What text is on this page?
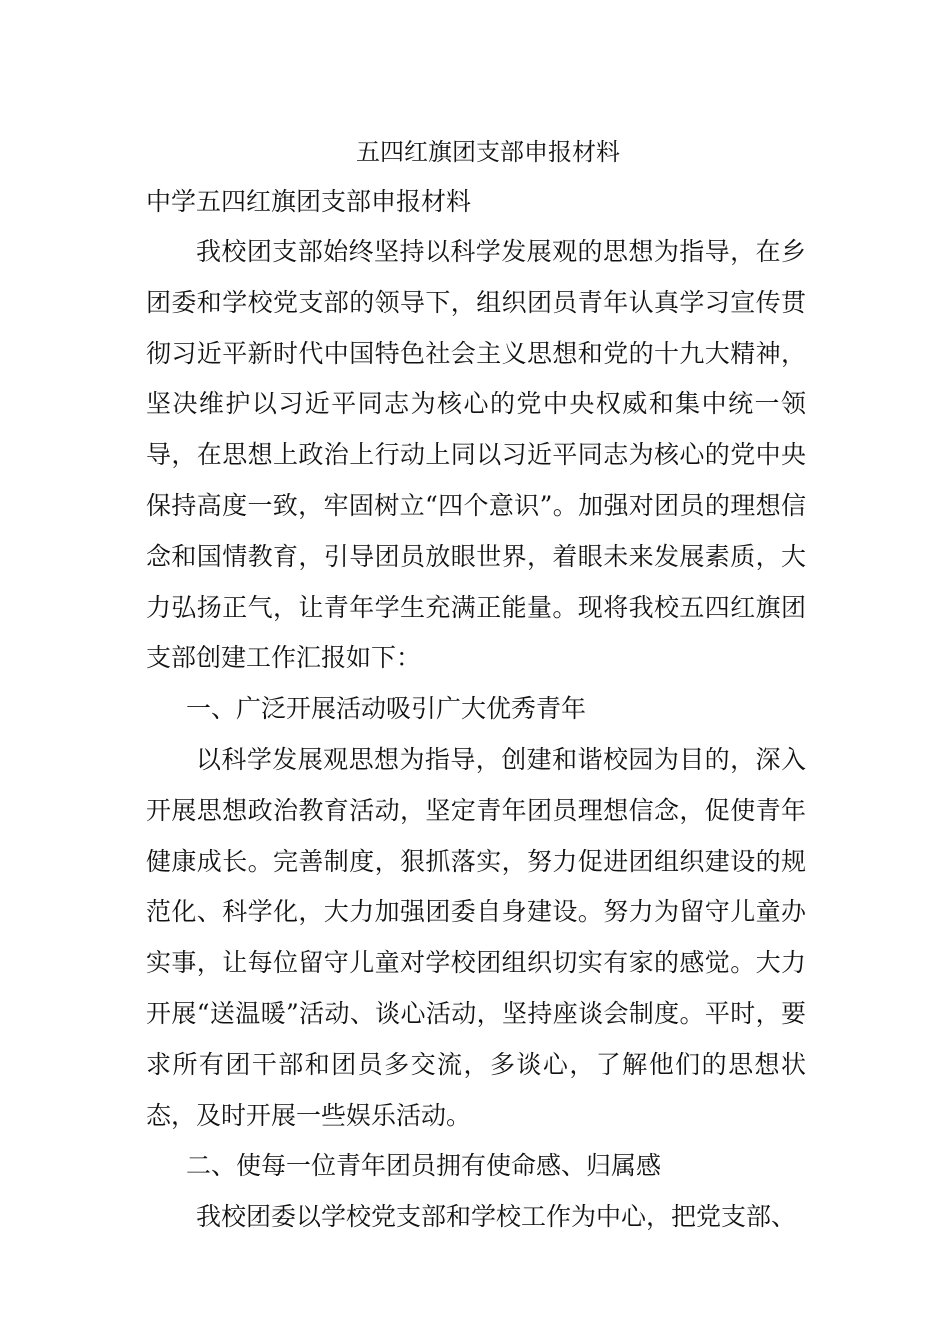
五四红旗团支部申报材料

中学五四红旗团支部申报材料

我校团支部始终坚持以科学发展观的思想为指导，在乡团委和学校党支部的领导下，组织团员青年认真学习宣传贯彻习近平新时代中国特色社会主义思想和党的十九大精神，坚决维护以习近平同志为核心的党中央权威和集中统一领导，在思想上政治上行动上同以习近平同志为核心的党中央保持高度一致，牢固树立“四个意识”。加强对团员的理想信念和国情教育，引导团员放眼世界，着眼未来发展素质，大力弘扬正气，让青年学生充满正能量。现将我校五四红旗团支部创建工作汇报如下：

一、广泛开展活动吸引广大优秀青年

以科学发展观思想为指导，创建和谐校园为目的，深入开展思想政治教育活动，坚定青年团员理想信念，促使青年健康成长。完善制度，狠抓落实，努力促进团组织建设的规范化、科学化，大力加强团委自身建设。努力为留守儿童办实事，让每位留守儿童对学校团组织切实有家的感觉。大力开展“送温暖”活动、谈心活动，坚持座谈会制度。平时，要求所有团干部和团员多交流，多谈心，了解他们的思想状态，及时开展一些娱乐活动。

二、使每一位青年团员拥有使命感、归属感

我校团委以学校党支部和学校工作为中心，把党支部、
